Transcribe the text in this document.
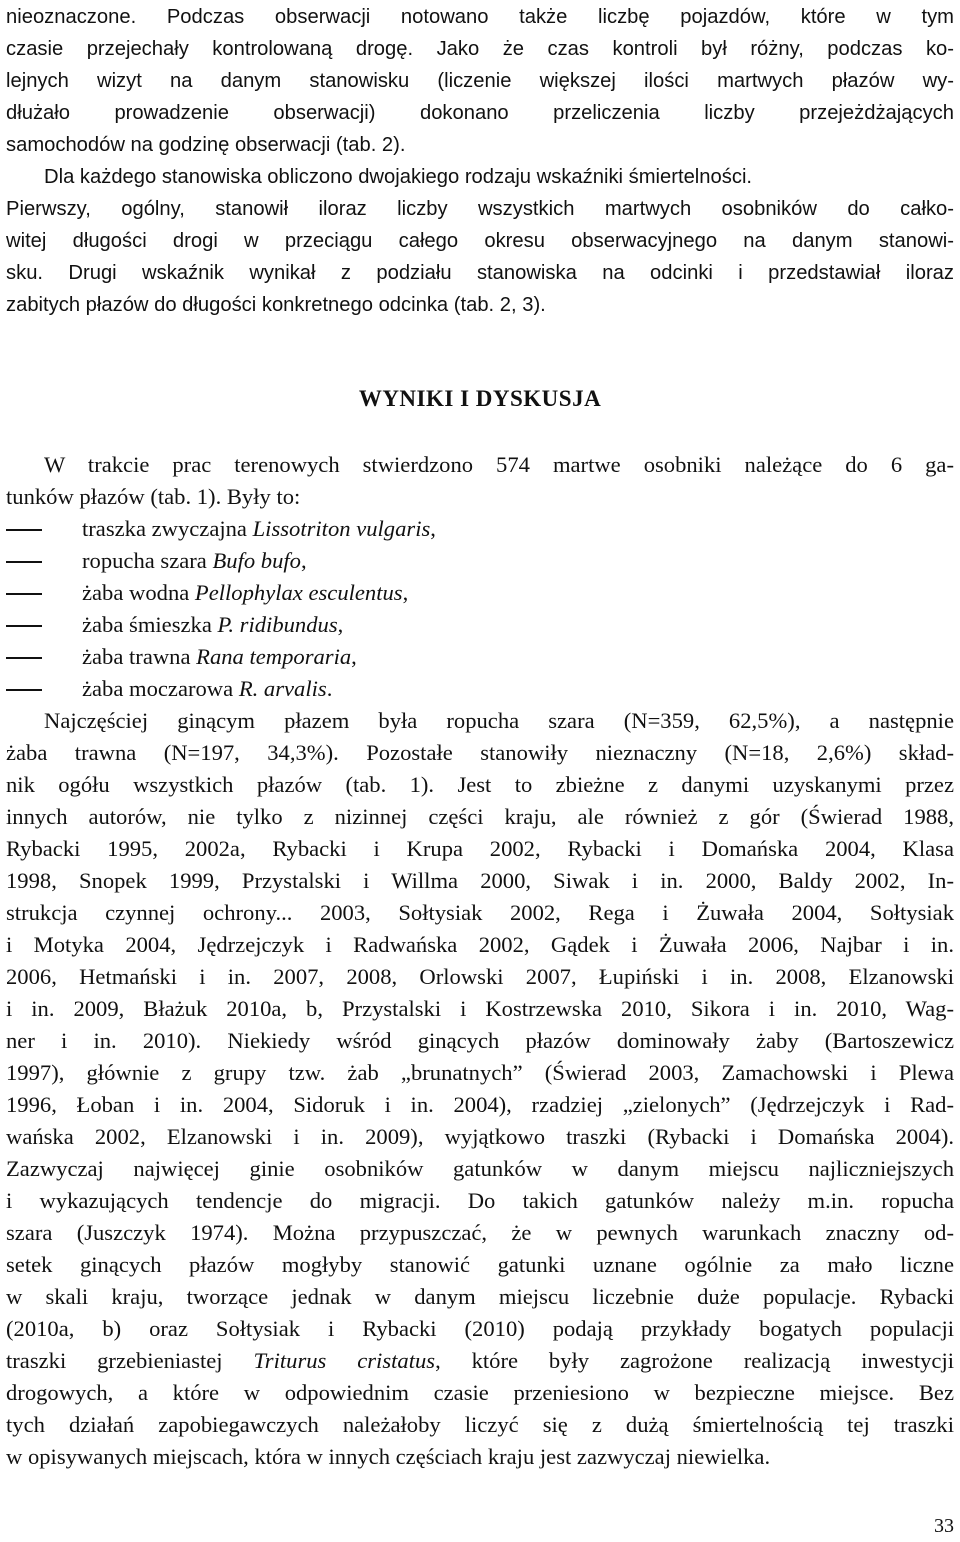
nieoznaczone. Podczas obserwacji notowano także liczbę pojazdów, które w tym
czasie przejechały kontrolowaną drogę. Jako że czas kontroli był różny, podczas ko-
lejnych wizyt na danym stanowisku (liczenie większej ilości martwych płazów wy-
dłużało prowadzenie obserwacji) dokonano przeliczenia liczby przejeżdżających
samochodów na godzinę obserwacji (tab. 2).
Dla każdego stanowiska obliczono dwojakiego rodzaju wskaźniki śmiertelności.
Pierwszy, ogólny, stanowił iloraz liczby wszystkich martwych osobników do całko-
witej długości drogi w przeciągu całego okresu obserwacyjnego na danym stanowi-
sku. Drugi wskaźnik wynikał z podziału stanowiska na odcinki i przedstawiał iloraz
zabitych płazów do długości konkretnego odcinka (tab. 2, 3).
WYNIKI I DYSKUSJA
W trakcie prac terenowych stwierdzono 574 martwe osobniki należące do 6 ga-
tunków płazów (tab. 1). Były to:
traszka zwyczajna Lissotriton vulgaris,
ropucha szara Bufo bufo,
żaba wodna Pellophylax esculentus,
żaba śmieszka P. ridibundus,
żaba trawna Rana temporaria,
żaba moczarowa R. arvalis.
Najczęściej ginącym płazem była ropucha szara (N=359, 62,5%), a następnie
żaba trawna (N=197, 34,3%). Pozostałe stanowiły nieznaczny (N=18, 2,6%) skład-
nik ogółu wszystkich płazów (tab. 1). Jest to zbieżne z danymi uzyskanymi przez
innych autorów, nie tylko z nizinnej części kraju, ale również z gór (Świerad 1988,
Rybacki 1995, 2002a, Rybacki i Krupa 2002, Rybacki i Domańska 2004, Klasa
1998, Snopek 1999, Przystalski i Willma 2000, Siwak i in. 2000, Baldy 2002, In-
strukcja czynnej ochrony... 2003, Sołtysiak 2002, Rega i Żuwała 2004, Sołtysiak
i Motyka 2004, Jędrzejczyk i Radwańska 2002, Gądek i Żuwała 2006, Najbar i in.
2006, Hetmański i in. 2007, 2008, Orlowski 2007, Łupiński i in. 2008, Elzanowski
i in. 2009, Błażuk 2010a, b, Przystalski i Kostrzewska 2010, Sikora i in. 2010, Wag-
ner i in. 2010). Niekiedy wśród ginących płazów dominowały żaby (Bartoszewicz
1997), głównie z grupy tzw. żab „brunatnych” (Świerad 2003, Zamachowski i Plewa
1996, Łoban i in. 2004, Sidoruk i in. 2004), rzadziej „zielonych” (Jędrzejczyk i Rad-
wańska 2002, Elzanowski i in. 2009), wyjątkowo traszki (Rybacki i Domańska 2004).
Zazwyczaj najwięcej ginie osobników gatunków w danym miejscu najliczniejszych
i wykazujących tendencje do migracji. Do takich gatunków należy m.in. ropucha
szara (Juszczyk 1974). Można przypuszczać, że w pewnych warunkach znaczny od-
setek ginących płazów mogłyby stanowić gatunki uznane ogólnie za mało liczne
w skali kraju, tworzące jednak w danym miejscu liczebnie duże populacje. Rybacki
(2010a, b) oraz Sołtysiak i Rybacki (2010) podają przykłady bogatych populacji
traszki grzebieniastej Triturus cristatus, które były zagrożone realizacją inwestycji
drogowych, a które w odpowiednim czasie przeniesiono w bezpieczne miejsce. Bez
tych działań zapobiegawczych należałoby liczyć się z dużą śmiertelnością tej traszki
w opisywanych miejscach, która w innych częściach kraju jest zazwyczaj niewielka.
33
